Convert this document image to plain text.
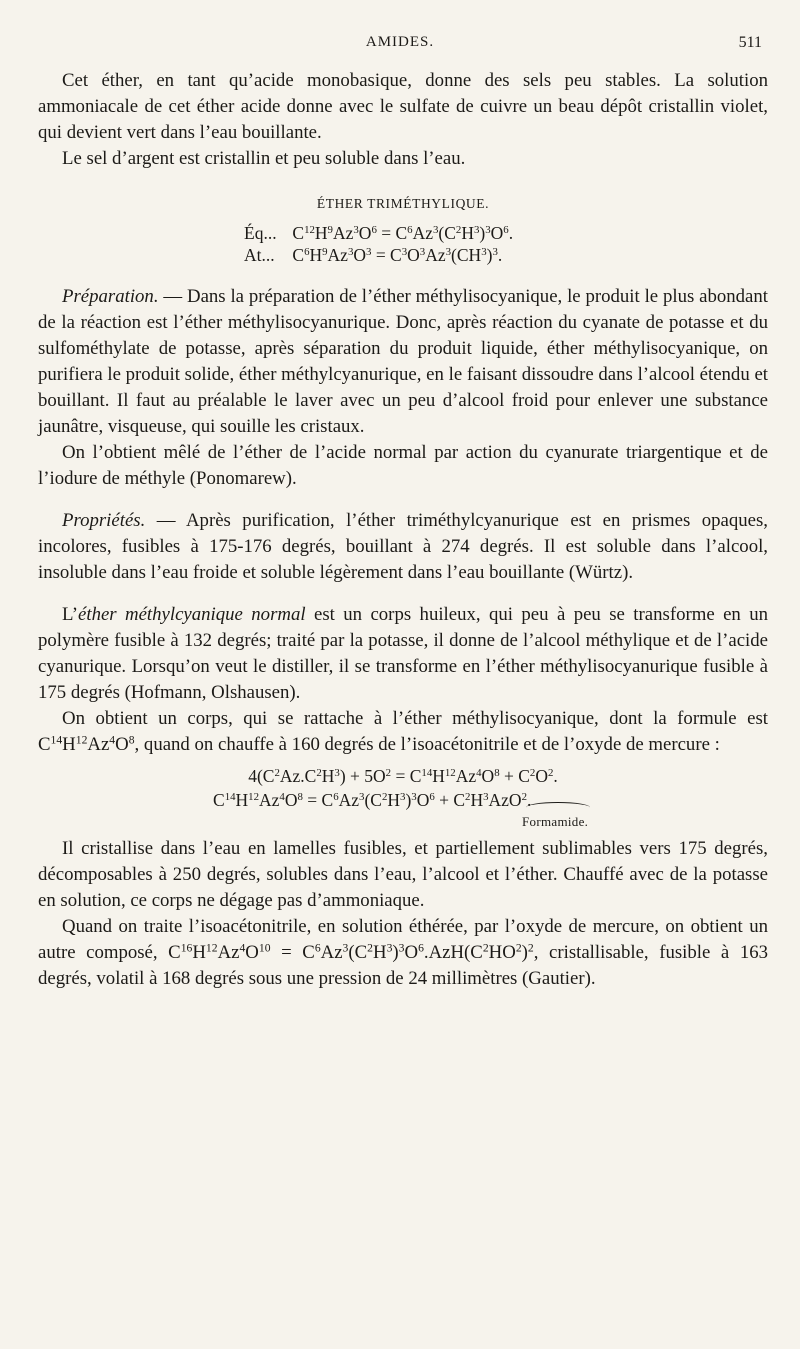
AMIDES.	511

Cet éther, en tant qu’acide monobasique, donne des sels peu stables. La solution ammoniacale de cet éther acide donne avec le sulfate de cuivre un beau dépôt cristallin violet, qui devient vert dans l’eau bouillante.

Le sel d’argent est cristallin et peu soluble dans l’eau.

ÉTHER TRIMÉTHYLIQUE.
Éq... $C^{12}H^9Az^3O^6 = C^6Az^3(C^2H^3)^3O^6$.
At... $C^6H^9Az^3O^3 = C^3O^3Az^3(CH^3)^3$.

Préparation. — Dans la préparation de l’éther méthylisocyanique, le produit le plus abondant de la réaction est l’éther méthylisocyanurique. Donc, après réaction du cyanate de potasse et du sulfométhylate de potasse, après séparation du produit liquide, éther méthylisocyanique, on purifiera le produit solide, éther méthylcyanurique, en le faisant dissoudre dans l’alcool étendu et bouillant. Il faut au préalable le laver avec un peu d’alcool froid pour enlever une substance jaunâtre, visqueuse, qui souille les cristaux.

On l’obtient mêlé de l’éther de l’acide normal par action du cyanurate triargentique et de l’iodure de méthyle (Ponomarew).

Propriétés. — Après purification, l’éther triméthylcyanurique est en prismes opaques, incolores, fusibles à 175-176 degrés, bouillant à 274 degrés. Il est soluble dans l’alcool, insoluble dans l’eau froide et soluble légèrement dans l’eau bouillante (Würtz).

L’éther méthylcyanique normal est un corps huileux, qui peu à peu se transforme en un polymère fusible à 132 degrés; traité par la potasse, il donne de l’alcool méthylique et de l’acide cyanurique. Lorsqu’on veut le distiller, il se transforme en l’éther méthylisocyanurique fusible à 175 degrés (Hofmann, Olshausen).

On obtient un corps, qui se rattache à l’éther méthylisocyanique, dont la formule est $C^{14}H^{12}Az^4O^8$, quand on chauffe à 160 degrés de l’isoacétonitrile et de l’oxyde de mercure :

$4(C^2Az.C^2H^3) + 5O^2 = C^{14}H^{12}Az^4O^8 + C^2O^2$.
$C^{14}H^{12}Az^4O^8 = C^6Az^3(C^2H^3)^3O^6 + C^2H^3AzO^2$.
Formamide.

Il cristallise dans l’eau en lamelles fusibles, et partiellement sublimables vers 175 degrés, décomposables à 250 degrés, solubles dans l’eau, l’alcool et l’éther. Chauffé avec de la potasse en solution, ce corps ne dégage pas d’ammoniaque.

Quand on traite l’isoacétonitrile, en solution éthérée, par l’oxyde de mercure, on obtient un autre composé, $C^{16}H^{12}Az^4O^{10} = C^6Az^3(C^2H^3)^3O^6.AzH(C^2HO^2)^2$, cristallisable, fusible à 163 degrés, volatil à 168 degrés sous une pression de 24 millimètres (Gautier).
